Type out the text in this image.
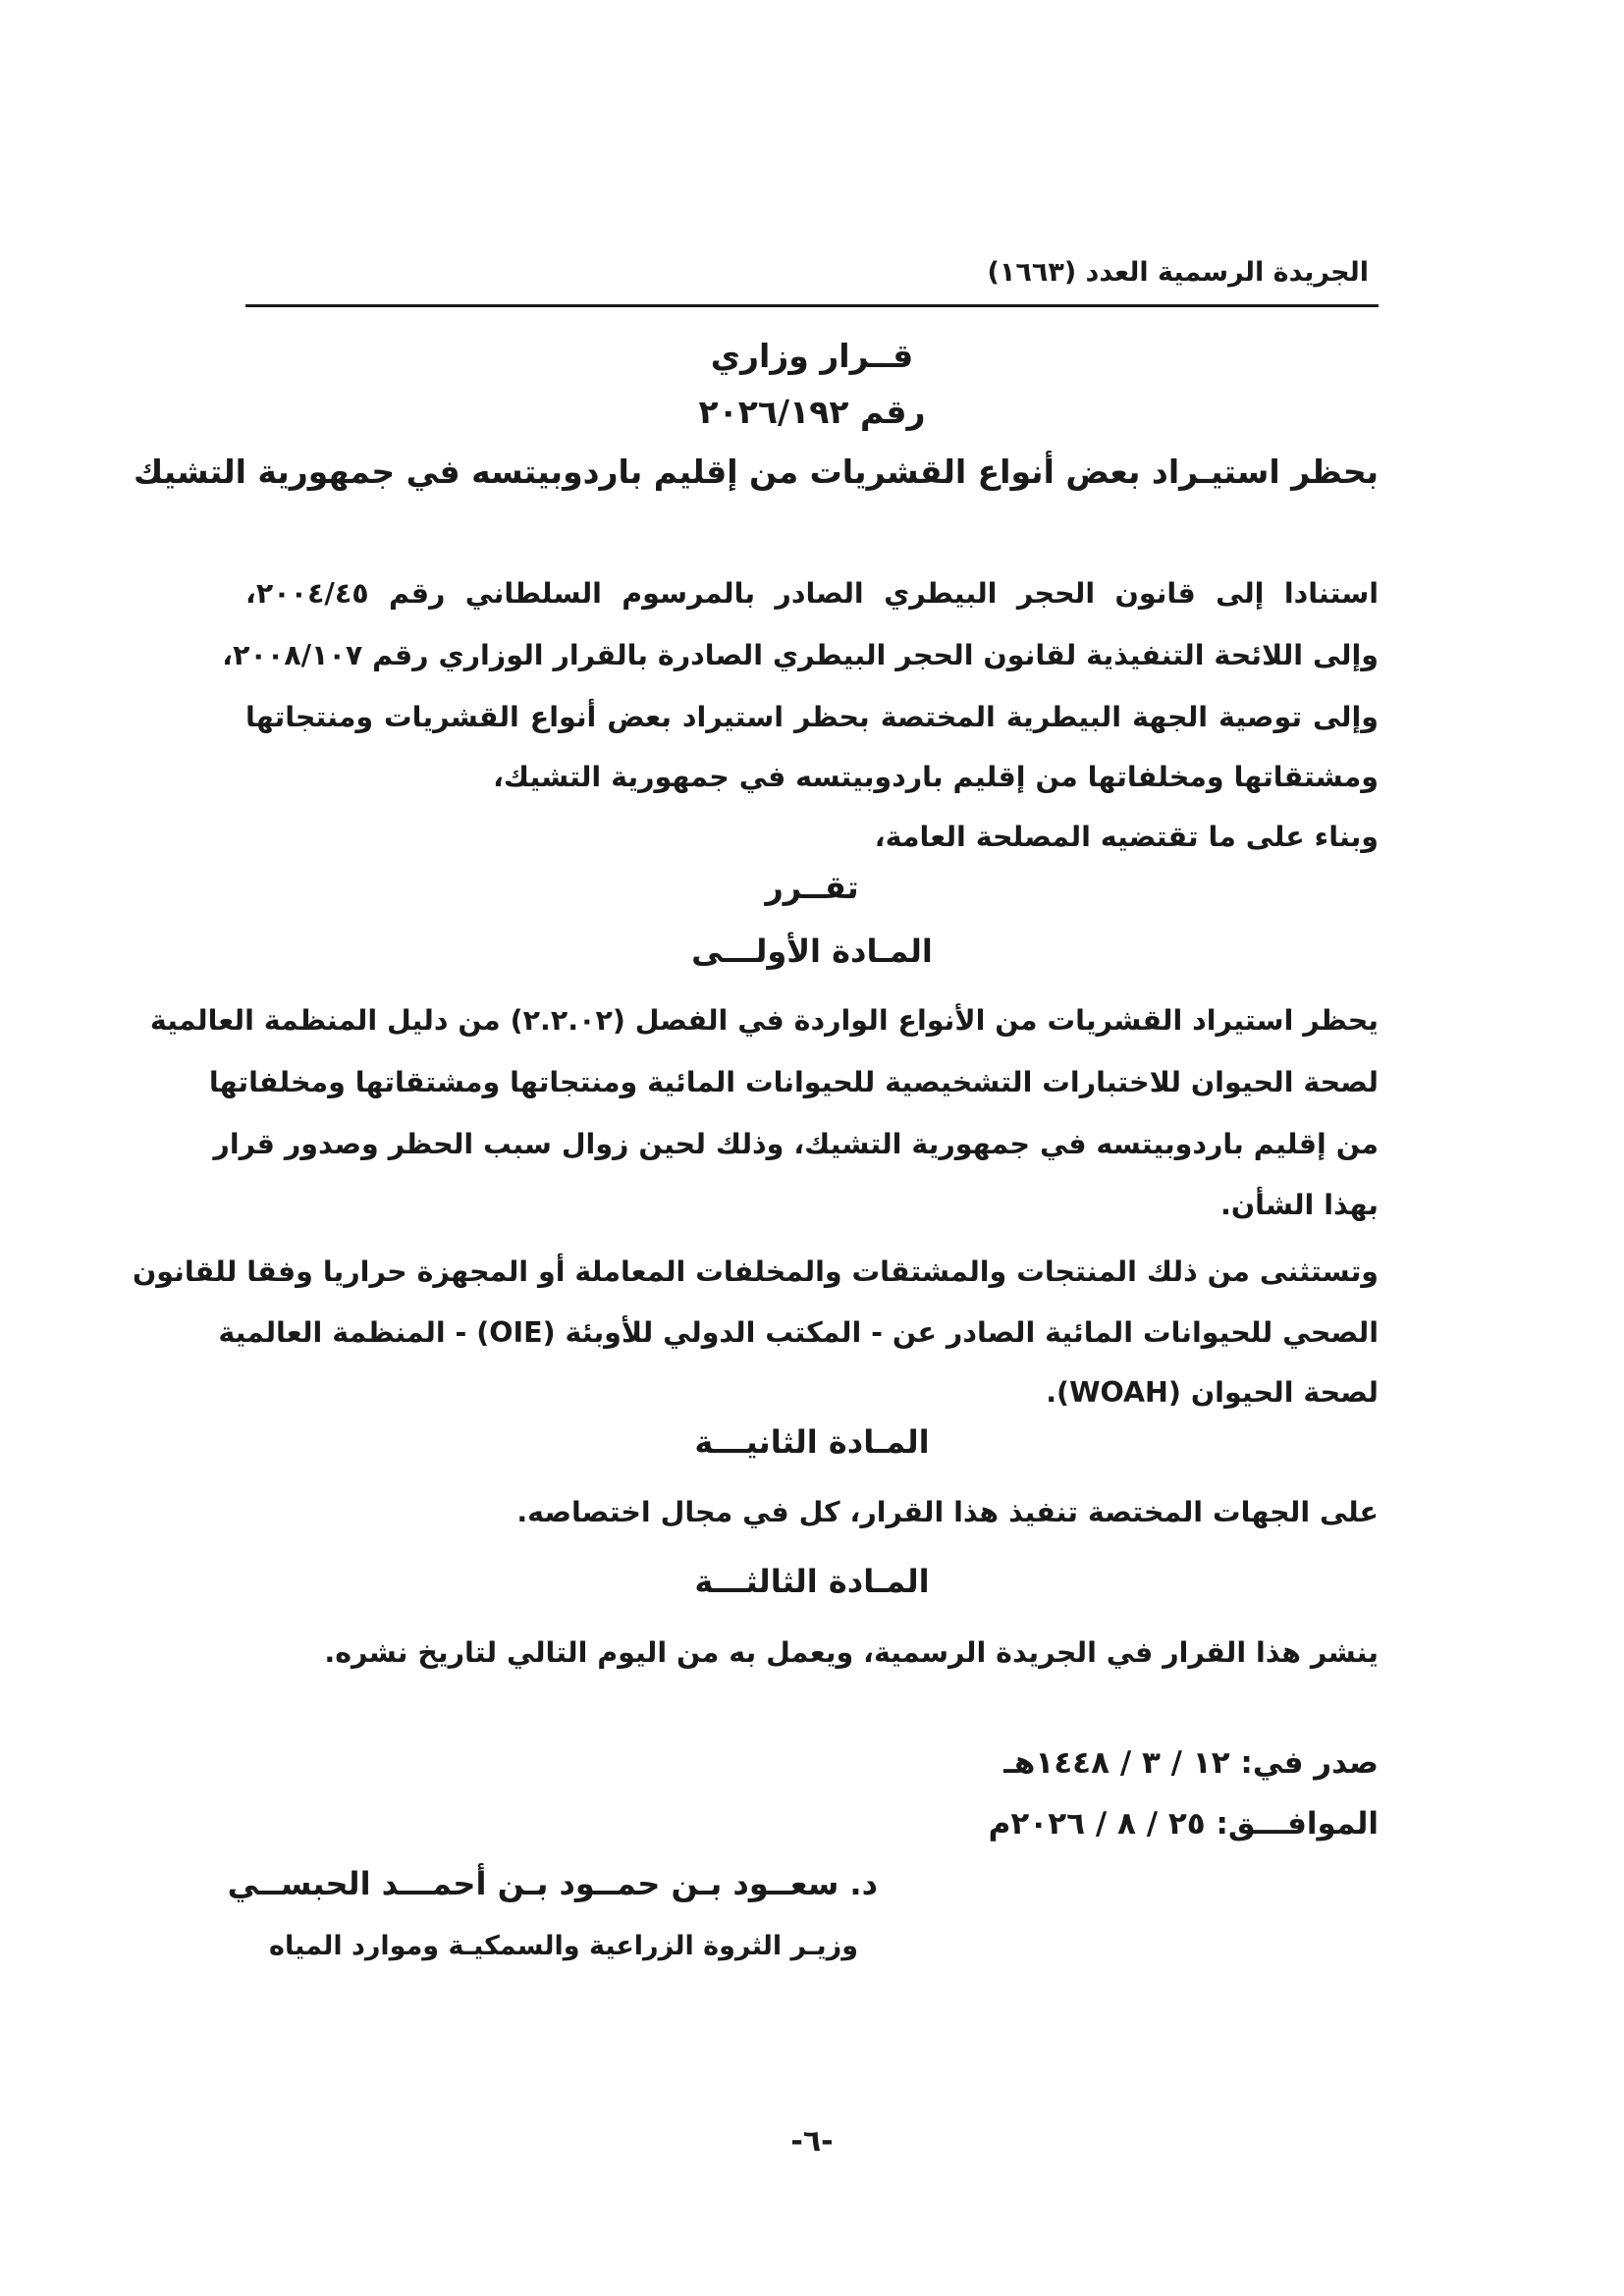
الجريدة الرسمية العدد (١٦٦٣)
قــرار وزاري
رقم ٢٠٢٦/١٩٢
بحظر استيـراد بعض أنواع القشريات من إقليم باردوبيتسه في جمهورية التشيك
استنادا إلى قانون الحجر البيطري الصادر بالمرسوم السلطاني رقم ٢٠٠٤/٤٥،
وإلى اللائحة التنفيذية لقانون الحجر البيطري الصادرة بالقرار الوزاري رقم ٢٠٠٨/١٠٧،
وإلى توصية الجهة البيطرية المختصة بحظر استيراد بعض أنواع القشريات ومنتجاتها
ومشتقاتها ومخلفاتها من إقليم باردوبيتسه في جمهورية التشيك،
وبناء على ما تقتضيه المصلحة العامة،
تقــرر
المـادة الأولـــى
يحظر استيراد القشريات من الأنواع الواردة في الفصل (٢.٢.٠٢) من دليل المنظمة العالمية
لصحة الحيوان للاختبارات التشخيصية للحيوانات المائية ومنتجاتها ومشتقاتها ومخلفاتها
من إقليم باردوبيتسه في جمهورية التشيك، وذلك لحين زوال سبب الحظر وصدور قرار
بهذا الشأن.
وتستثنى من ذلك المنتجات والمشتقات والمخلفات المعاملة أو المجهزة حراريا وفقا للقانون
الصحي للحيوانات المائية الصادر عن - المكتب الدولي للأوبئة (OIE) - المنظمة العالمية
لصحة الحيوان (WOAH).
المـادة الثانيـــة
على الجهات المختصة تنفيذ هذا القرار، كل في مجال اختصاصه.
المـادة الثالثـــة
ينشر هذا القرار في الجريدة الرسمية، ويعمل به من اليوم التالي لتاريخ نشره.
صدر في: ١٢ / ٣ / ١٤٤٨هـ
الموافـــق: ٢٥ / ٨ / ٢٠٢٦م
د. سعــود بـن حمــود بـن أحمـــد الحبســي
وزيـر الثروة الزراعية والسمكيـة وموارد المياه
-٦-
